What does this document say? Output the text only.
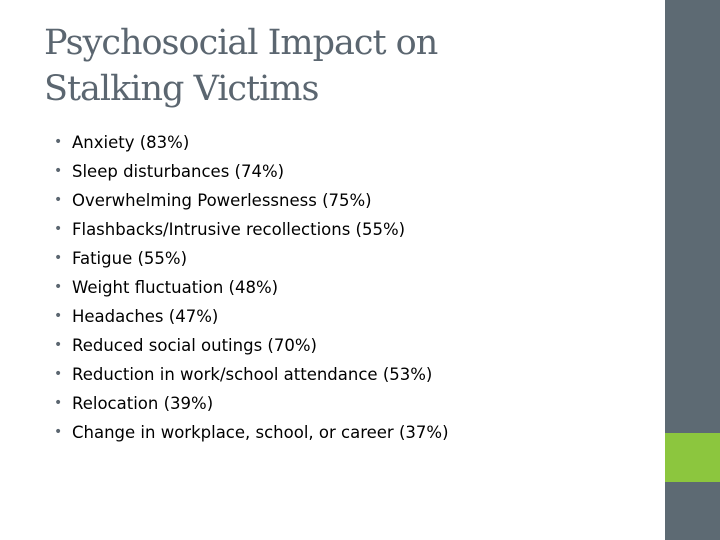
Psychosocial Impact on
Stalking Victims
• Anxiety (83%)
• Sleep disturbances (74%)
• Overwhelming Powerlessness (75%)
• Flashbacks/Intrusive recollections (55%)
• Fatigue (55%)
• Weight fluctuation (48%)
• Headaches (47%)
• Reduced social outings (70%)
• Reduction in work/school attendance (53%)
• Relocation (39%)
• Change in workplace, school, or career (37%)
